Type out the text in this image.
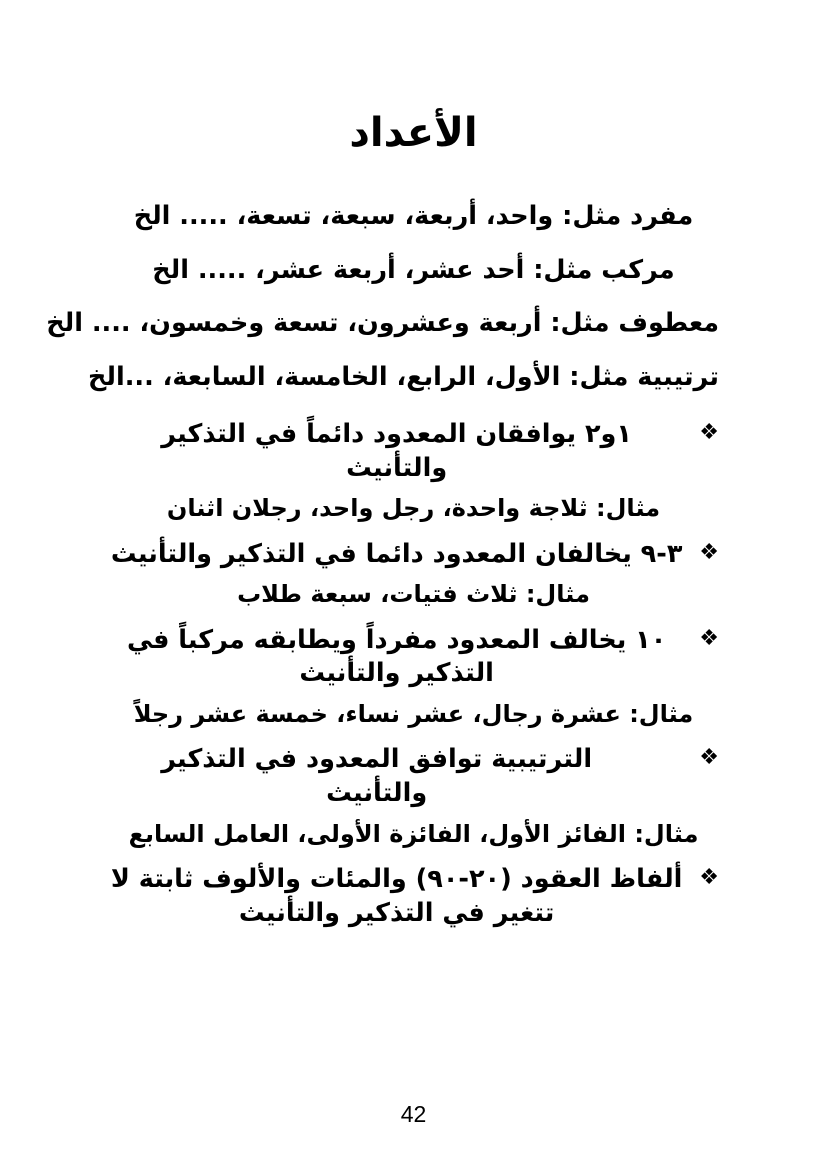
الأعداد

مفرد مثل: واحد، أربعة، سبعة، تسعة، ..... الخ

مركب مثل: أحد عشر، أربعة عشر، ..... الخ

معطوف مثل: أربعة وعشرون، تسعة وخمسون، .... الخ

ترتيبية مثل: الأول، الرابع، الخامسة، السابعة، ...الخ

❖
١و٢ يوافقان المعدود دائماً في التذكير والتأنيث

مثال: ثلاجة واحدة، رجل واحد، رجلان اثنان

❖
٣-٩ يخالفان المعدود دائما في التذكير والتأنيث

مثال: ثلاث فتيات، سبعة طلاب

❖
١٠ يخالف المعدود مفرداً ويطابقه مركباً في التذكير والتأنيث

مثال: عشرة رجال، عشر نساء، خمسة عشر رجلاً

❖
الترتيبية توافق المعدود في التذكير والتأنيث

مثال: الفائز الأول، الفائزة الأولى، العامل السابع

❖
ألفاظ العقود (٢٠-٩٠) والمئات والألوف ثابتة لا تتغير في التذكير والتأنيث
42
